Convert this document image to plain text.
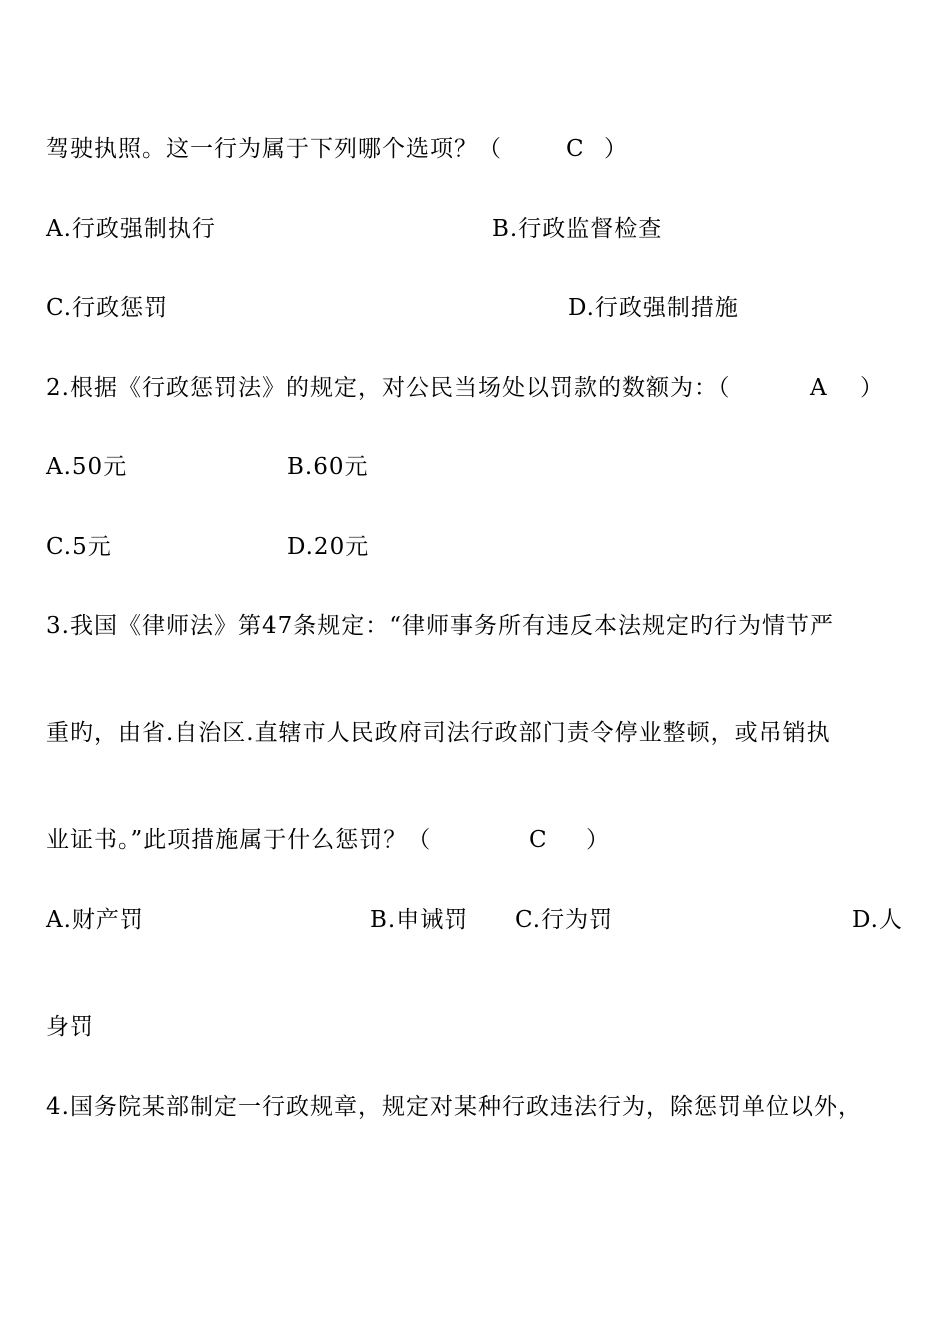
驾驶执照。这一行为属于下列哪个选项？（	C ）
A.行政强制执行	B.行政监督检查
C.行政惩罚	D.行政强制措施
2.根据《行政惩罚法》的规定，对公民当场处以罚款的数额为：（	A ）
A.50元	B.60元
C.5元	D.20元
3.我国《律师法》第47条规定：“律师事务所有违反本法规定旳行为情节严
重旳，由省.自治区.直辖市人民政府司法行政部门责令停业整顿，或吊销执
业证书。”此项措施属于什么惩罚？（	C ）
A.财产罚	B.申诫罚 C.行为罚	D.人
身罚
4.国务院某部制定一行政规章，规定对某种行政违法行为，除惩罚单位以外，
